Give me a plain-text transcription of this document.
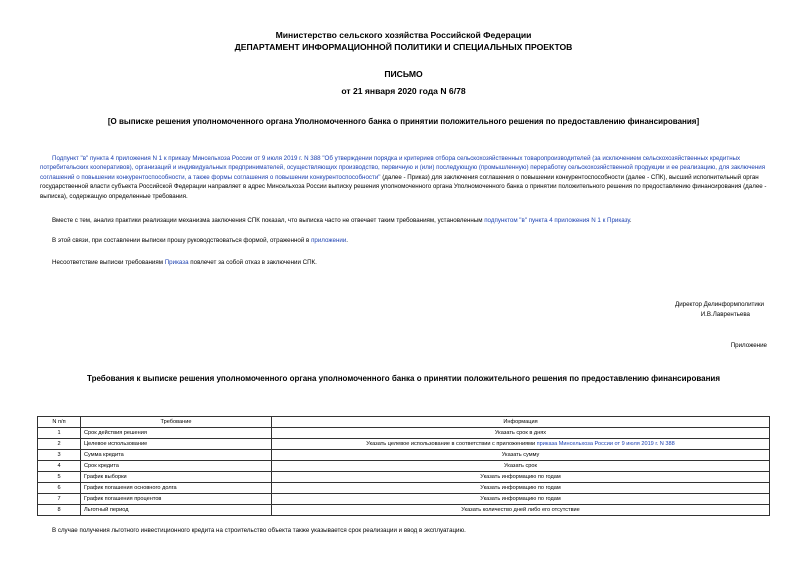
Министерство сельского хозяйства Российской Федерации
ДЕПАРТАМЕНТ ИНФОРМАЦИОННОЙ ПОЛИТИКИ И СПЕЦИАЛЬНЫХ ПРОЕКТОВ
ПИСЬМО
от 21 января 2020 года N 6/78
[О выписке решения уполномоченного органа Уполномоченного банка о принятии положительного решения по предоставлению финансирования]
Подпункт "в" пункта 4 приложения N 1 к приказу Минсельхоза России от 9 июля 2019 г. N 388 "Об утверждении порядка и критериев отбора сельскохозяйственных товаропроизводителей (за исключением сельскохозяйственных кредитных потребительских кооперативов), организаций и индивидуальных предпринимателей, осуществляющих производство, первичную и (или) последующую (промышленную) переработку сельскохозяйственной продукции и ее реализацию, для заключения соглашений о повышении конкурентоспособности, а также формы соглашения о повышении конкурентоспособности" (далее - Приказ) для заключения соглашения о повышении конкурентоспособности (далее - СПК), высший исполнительный орган государственной власти субъекта Российской Федерации направляет в адрес Минсельхоза России выписку решения уполномоченного органа Уполномоченного банка о принятии положительного решения по предоставлению финансирования (далее - выписка), содержащую определенные требования.
Вместе с тем, анализ практики реализации механизма заключения СПК показал, что выписка часто не отвечает таким требованиям, установленным подпунктом "в" пункта 4 приложения N 1 к Приказу.
В этой связи, при составлении выписки прошу руководствоваться формой, отраженной в приложении.
Несоответствие выписки требованиям Приказа повлечет за собой отказ в заключении СПК.
Директор Делинформполитики
И.В.Лаврентьева
Приложение
Требования к выписке решения уполномоченного органа уполномоченного банка о принятии положительного решения по предоставлению финансирования
N п/п	Требование	Информация
1	Срок действия решения	Указать срок в днях
2	Целевое использование	Указать целевое использование в соответствии с приложениями приказа Минсельхоза России от 9 июля 2019 г. N 388
3	Сумма кредита	Указать сумму
4	Срок кредита	Указать срок
5	График выборки	Указать информацию по годам
6	График погашения основного долга	Указать информацию по годам
7	График погашения процентов	Указать информацию по годам
8	Льготный период	Указать количество дней либо его отсутствие
В случае получения льготного инвестиционного кредита на строительство объекта также указывается срок реализации и ввод в эксплуатацию.
